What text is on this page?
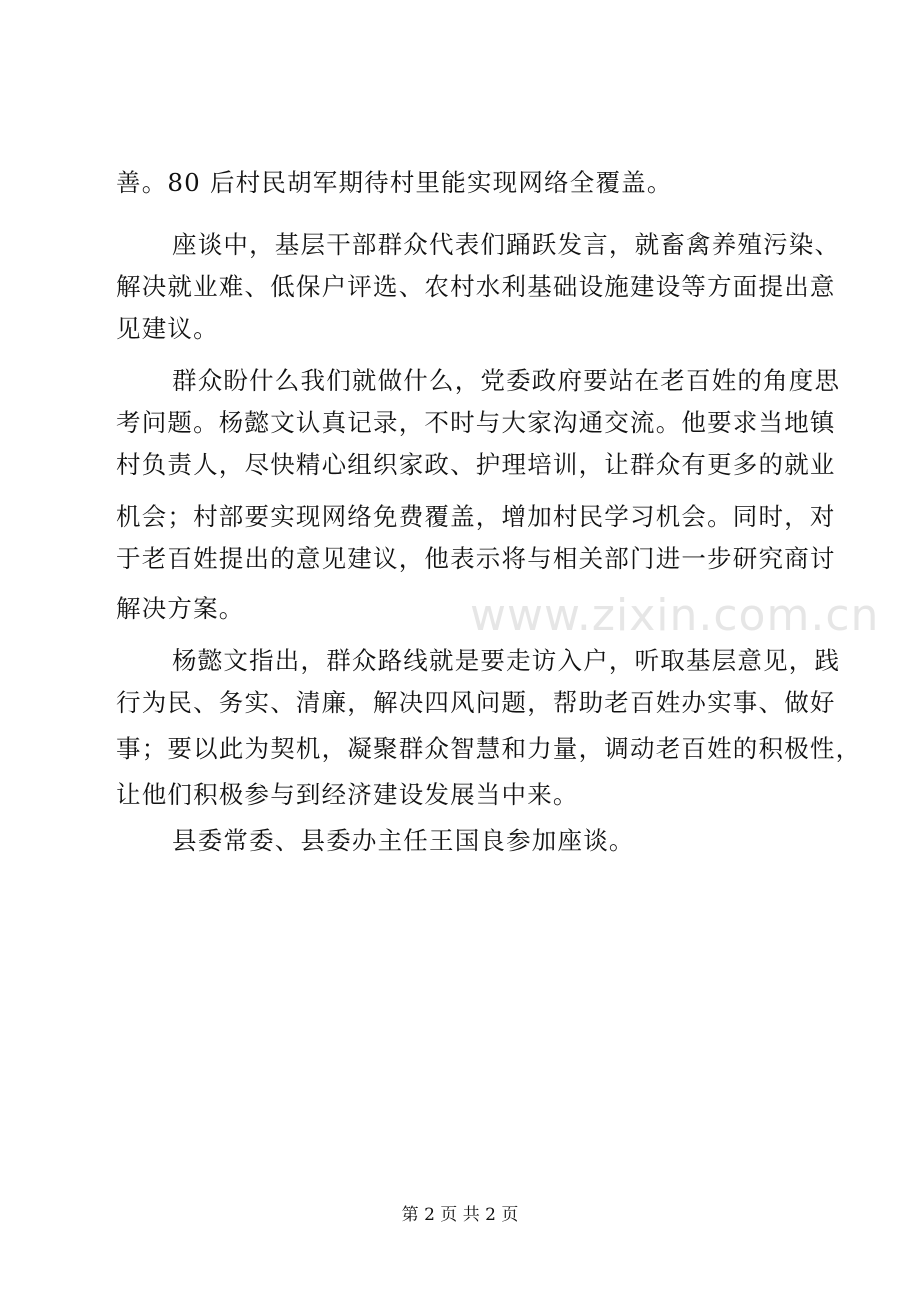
www.zixin.com.cn
善。80 后村民胡军期待村里能实现网络全覆盖。
座谈中，基层干部群众代表们踊跃发言，就畜禽养殖污染、
解决就业难、低保户评选、农村水利基础设施建设等方面提出意
见建议。
群众盼什么我们就做什么，党委政府要站在老百姓的角度思
考问题。杨懿文认真记录，不时与大家沟通交流。他要求当地镇
村负责人，尽快精心组织家政、护理培训，让群众有更多的就业
机会；村部要实现网络免费覆盖，增加村民学习机会。同时，对
于老百姓提出的意见建议，他表示将与相关部门进一步研究商讨
解决方案。
杨懿文指出，群众路线就是要走访入户，听取基层意见，践
行为民、务实、清廉，解决四风问题，帮助老百姓办实事、做好
事；要以此为契机，凝聚群众智慧和力量，调动老百姓的积极性，
让他们积极参与到经济建设发展当中来。
县委常委、县委办主任王国良参加座谈。
第 2 页 共 2 页
